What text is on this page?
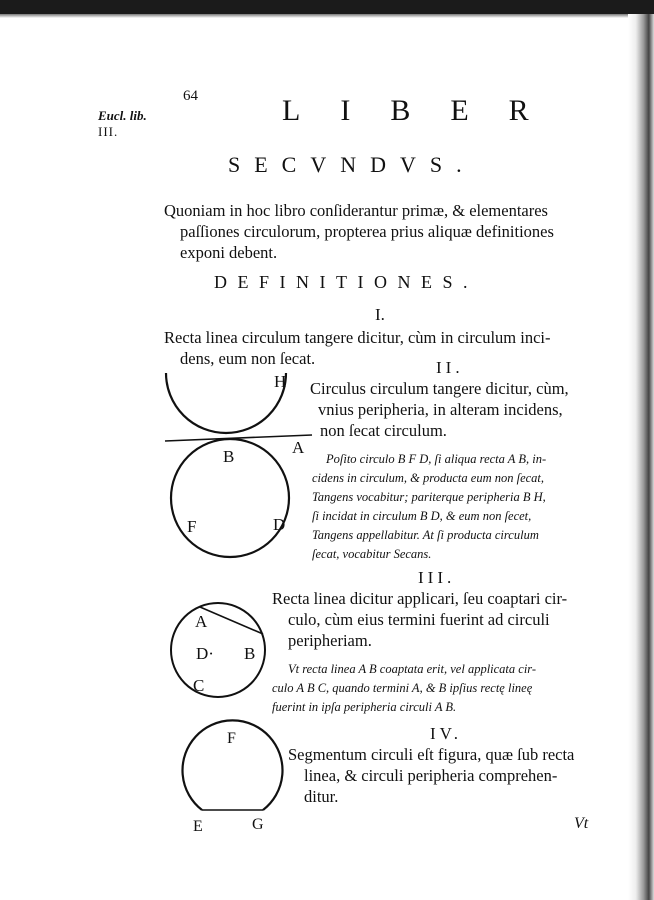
Eucl. lib.
III.
64	LIBER
SECVNDVS.
Quoniam in hoc libro conſiderantur primæ, & elementares
paſſiones circulorum, propterea prius aliquæ definitiones
exponi debent.
DEFINITIONES.
I.
Recta linea circulum tangere dicitur, cùm in circulum inci-
dens, eum non ſecat.	II.
Circulus circulum tangere dicitur, cùm,
vnius peripheria, in alteram incidens,
non ſecat circulum.
Poſito circulo B F D, ſi aliqua recta A B, in-
cidens in circulum, & producta eum non ſecat,
Tangens vocabitur; pariterque peripheria B H,
ſi incidat in circulum B D, & eum non ſecet,
Tangens appellabitur. At ſi producta circulum
ſecat, vocabitur Secans.
H
B	A
F	D
III.
Recta linea dicitur applicari, ſeu coaptari cir-
culo, cùm eius termini fuerint ad circuli
peripheriam.
Vt recta linea A B coaptata erit, vel applicata cir-
culo A B C, quando termini A, & B ipſius rectę lineę
fuerint in ipſa peripheria circuli A B.
A
D· B
C
IV.
Segmentum circuli eſt figura, quæ ſub recta
linea, & circuli peripheria comprehen-
ditur.
F
E	G	Vt
